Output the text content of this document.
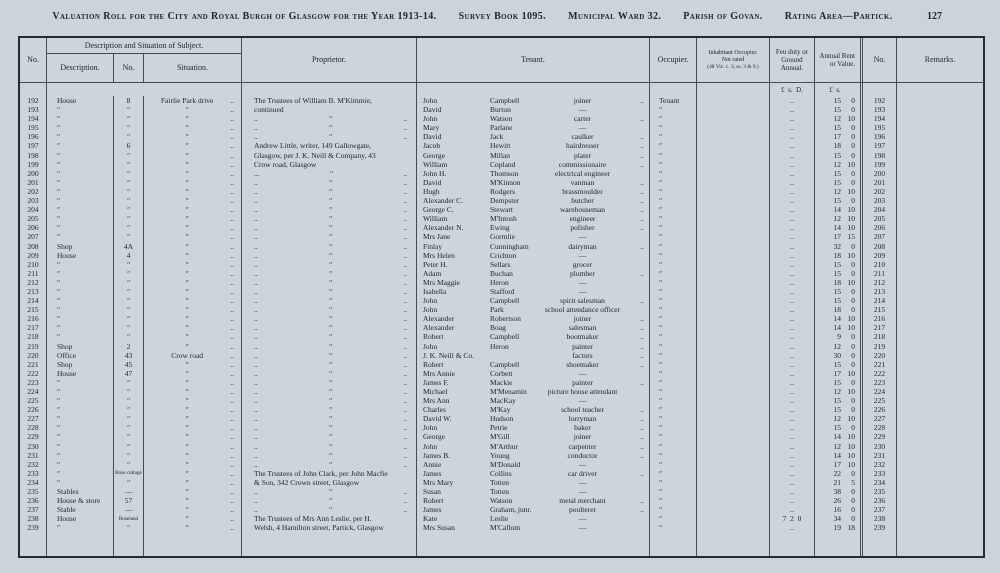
Valuation Roll for the City and Royal Burgh of Glasgow for the Year 1913-14. Survey Book 1095. Municipal Ward 32. Parish of Govan. Rating Area—Partick.	127
No.
Description and Situation of Subject.
Description.	No.	Situation.
Proprietor.	Tenant.	Occupier.
Inhabitant Occupier.
Not rated
(48 Vic. c. 3, ss. 3 & 9.)
Feu duty or Ground Annual.
Annual Rent or Value.	No.	Remarks.
£  s.  D.	£  s.
192	House	8	Fairlie Park drive	..	The Trustees of William B. M'Kimmie,	John	Campbell	joiner	..	Tenant	..	15	0	192
193	ʺ	ʺ	ʺ	..	continued	David	Burton	—	ʺ	..	15	0	193
194	ʺ	ʺ	ʺ	..	..	ʺ	.. John	Watson	carter	..	ʺ	..	12 10	194
195	ʺ	ʺ	ʺ	..	..	ʺ	.. Mary	Parlane	—	ʺ	..	15	0	195
196	ʺ	ʺ	ʺ	..	..	ʺ	.. David	Jack	caulker	..	ʺ	..	17	0	196
197	ʺ	6	ʺ	..	Andrew Little, writer, 149 Gallowgate,	Jacob	Hewitt	hairdresser	..	ʺ	..	18	0	197
198	ʺ	ʺ	ʺ	..	Glasgow, per J. K. Neill & Company, 43	George	Millan	plater	..	ʺ	..	15	0	198
199	ʺ	ʺ	ʺ	..	Crow road, Glasgow	William	Copland	commissionaire	..	ʺ	..	12 10	199
200	ʺ	ʺ	ʺ	..	...	ʺ	.. John H.	Thomson	electrical engineer	ʺ	..	15	0	200
201	ʺ	ʺ	ʺ	..	..	ʺ	.. David	M'Kinnon	vanman	..	ʺ	..	15	0	201
202	ʺ	ʺ	ʺ	..	..	ʺ	.. Hugh	Rodgers	brassmoulder	..	ʺ	..	12 10	202
203	ʺ	ʺ	ʺ	..	..	ʺ	.. Alexander C.	Dempster	butcher	..	ʺ	..	15	0	203
204	ʺ	ʺ	ʺ	..	..	ʺ	.. George C.	Stewart	warehouseman	..	ʺ	..	14 10	204
205	ʺ	ʺ	ʺ	..	..	ʺ	.. William	M'Intosh	engineer	..	ʺ	..	12 10	205
206	ʺ	ʺ	ʺ	..	..	ʺ	.. Alexander N.	Ewing	polisher	..	ʺ	..	14 10	206
207	ʺ	ʺ	ʺ	..	..	ʺ	.. Mrs Jane	Gormlie	—	ʺ	..	17 15	207
208	Shop	4A	ʺ	..	..	ʺ	.. Finlay	Cunningham	dairyman	..	ʺ	..	32	0	208
209	House	4	ʺ	..	..	ʺ	.. Mrs Helen	Crichton	—	ʺ	..	18 10	209
210	ʺ	ʺ	ʺ	..	..	ʺ	.. Peter H.	Sellars	grocer	ʺ	..	15	0	210
211	ʺ	ʺ	ʺ	..	..	ʺ	.. Adam	Buchan	plumber	..	ʺ	..	15	0	211
212	ʺ	ʺ	ʺ	..	..	ʺ	.. Mrs Maggie	Heron	—	ʺ	..	18 10	212
213	ʺ	ʺ	ʺ	..	..	ʺ	.. Isabella	Stafford	—	ʺ	..	15	0	213
214	ʺ	ʺ	ʺ	..	..	ʺ	.. John	Campbell	spirit salesman	..	ʺ	..	15	0	214
215	ʺ	ʺ	ʺ	..	..	ʺ	.. John	Park	school attendance officer	ʺ	..	18	0	215
216	ʺ	ʺ	ʺ	..	..	ʺ	.. Alexander	Robertson	joiner	..	ʺ	..	14 10	216
217	ʺ	ʺ	ʺ	..	..	ʺ	.. Alexander	Boag	salesman	..	ʺ	..	14 10	217
218	ʺ	ʺ	ʺ	..	..	ʺ	.. Robert	Campbell	bootmaker	..	ʺ	..	9	0	218
219	Shop	2	ʺ	..	..	ʺ	.. John	Heron	painter	..	ʺ	..	12	0	219
220	Office	43	Crow road	..	..	ʺ	.. J. K. Neill & Co.	factors	..	ʺ	..	30	0	220
221	Shop	45	ʺ	..	..	ʺ	.. Robert	Campbell	shoemaker	..	ʺ	..	15	0	221
222	House	47	ʺ	..	..	ʺ	.. Mrs Annie	Corbett	—	ʺ	..	17 10	222
223	ʺ	ʺ	ʺ	..	..	ʺ	.. James F.	Mackie	painter	..	ʺ	..	15	0	223
224	ʺ	ʺ	ʺ	..	..	ʺ	.. Michael	M'Menamin	picture house attendant	ʺ	..	12 10	224
225	ʺ	ʺ	ʺ	..	..	ʺ	.. Mrs Ann	MacKay	—	ʺ	..	15	0	225
226	ʺ	ʺ	ʺ	..	..	ʺ	.. Charles	M'Kay	school teacher	..	ʺ	..	15	0	226
227	ʺ	ʺ	ʺ	..	..	ʺ	.. David W.	Hudson	lorryman	..	ʺ	..	12 10	227
228	ʺ	ʺ	ʺ	..	..	ʺ	.. John	Petrie	baker	..	ʺ	..	15	0	228
229	ʺ	ʺ	ʺ	..	..	ʺ	.. George	M'Gill	joiner	..	ʺ	..	14 10	229
230	ʺ	ʺ	ʺ	..	..	ʺ	.. John	M'Arthur	carpenter	..	ʺ	..	12 10	230
231	ʺ	ʺ	ʺ	..	..	ʺ	.. James B.	Young	conductor	..	ʺ	..	14 10	231
232	ʺ	ʺ	ʺ	..	..	ʺ	.. Annie	M'Donald	—	ʺ	..	17 10	232
233	ʺ	Rose cottage	ʺ	..	The Trustees of John Clark, per John Macfie	James	Collins	car driver	..	ʺ	..	22	0	233
234	ʺ	ʺ	ʺ	..	& Son, 342 Crown street, Glasgow	Mrs Mary	Totten	—	ʺ	..	21	5	234
235	Stables	—	ʺ	..	..	ʺ	.. Susan	Totten	—	ʺ	..	38	0	235
236	House & store	57	ʺ	..	..	ʺ	.. Robert	Watson	metal merchant	..	ʺ	..	26	0	236
237	Stable	—	ʺ	..	..	ʺ	.. James	Graham, junr.	poulterer	..	ʺ	..	16	0	237
238	House	Roseland	ʺ	..	The Trustees of Mrs Ann Leslie, per H.	Kate	Leslie	—	ʺ	7  2  0	34	0	238
239	ʺ	ʺ	ʺ	..	Welsh, 4 Hamilton street, Partick, Glasgow	Mrs Susan	M'Callum	—	ʺ	..	19 18	239
